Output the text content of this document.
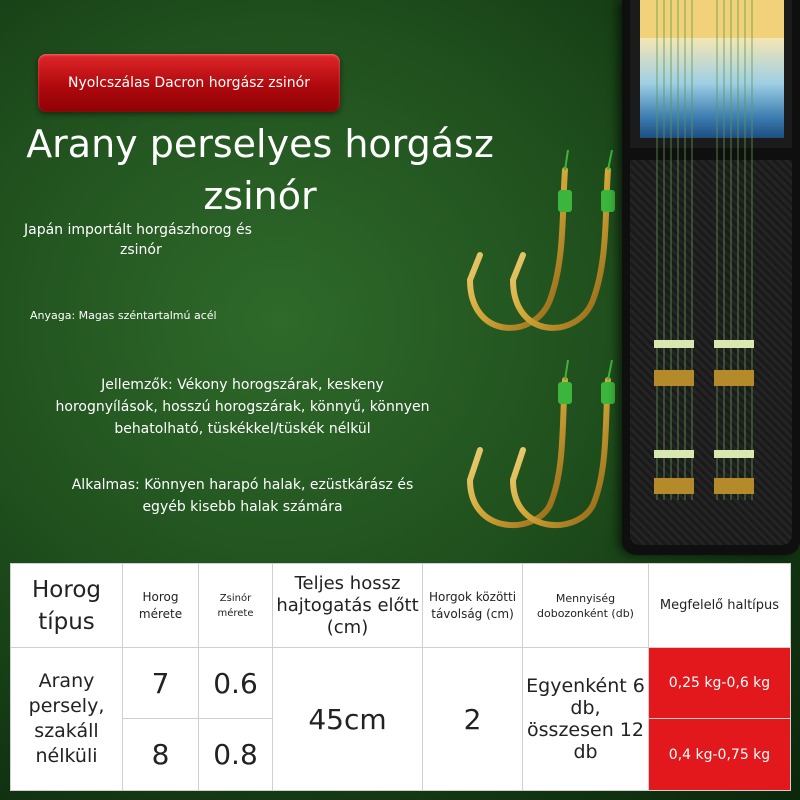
Nyolcszálas Dacron horgász zsinór
Arany perselyes horgász
zsinór
Japán importált horgászhorog és
zsinór
Anyaga: Magas széntartalmú acél
Jellemzők: Vékony horogszárak, keskeny
horognyílások, hosszú horogszárak, könnyű, könnyen
behatolható, tüskékkel/tüskék nélkül
Alkalmas: Könnyen harapó halak, ezüstkárász és
egyéb kisebb halak számára
Horog típus	Horog mérete	Zsinór mérete	Teljes hossz hajtogatás előtt (cm)	Horgok közötti távolság (cm)	Mennyiség dobozonként (db)	Megfelelő haltípus
Arany persely, szakáll nélküli	7	0.6	45cm	2	Egyenként 6 db, összesen 12 db	0,25 kg-0,6 kg
	8	0.8				0,4 kg-0,75 kg
